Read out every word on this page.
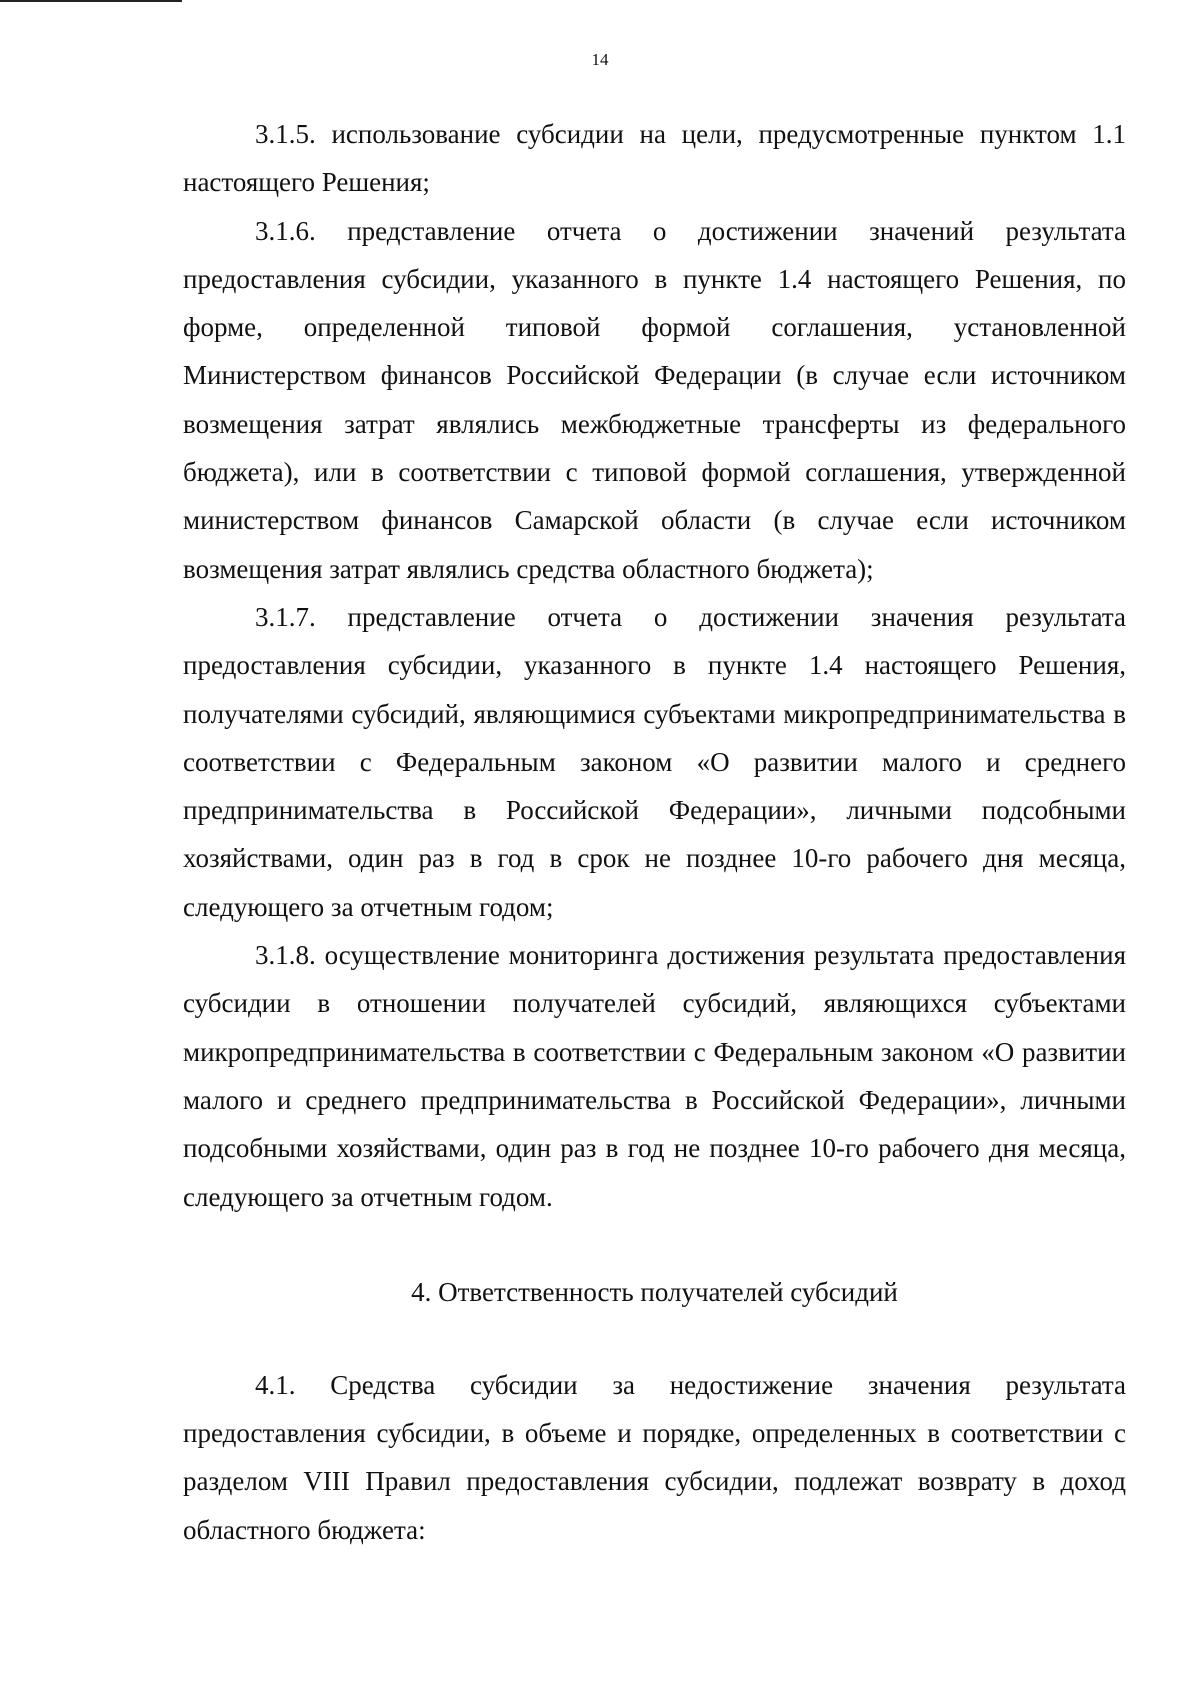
14

3.1.5. использование субсидии на цели, предусмотренные пунктом 1.1 настоящего Решения;

3.1.6. представление отчета о достижении значений результата предоставления субсидии, указанного в пункте 1.4 настоящего Решения, по форме, определенной типовой формой соглашения, установленной Министерством финансов Российской Федерации (в случае если источником возмещения затрат являлись межбюджетные трансферты из федерального бюджета), или в соответствии с типовой формой соглашения, утвержденной министерством финансов Самарской области (в случае если источником возмещения затрат являлись средства областного бюджета);

3.1.7. представление отчета о достижении значения результата предоставления субсидии, указанного в пункте 1.4 настоящего Решения, получателями субсидий, являющимися субъектами микропредпринимательства в соответствии с Федеральным законом «О развитии малого и среднего предпринимательства в Российской Федерации», личными подсобными хозяйствами, один раз в год в срок не позднее 10-го рабочего дня месяца, следующего за отчетным годом;

3.1.8. осуществление мониторинга достижения результата предоставления субсидии в отношении получателей субсидий, являющихся субъектами микропредпринимательства в соответствии с Федеральным законом «О развитии малого и среднего предпринимательства в Российской Федерации», личными подсобными хозяйствами, один раз в год не позднее 10-го рабочего дня месяца, следующего за отчетным годом.

4. Ответственность получателей субсидий

4.1. Средства субсидии за недостижение значения результата предоставления субсидии, в объеме и порядке, определенных в соответствии с разделом VIII Правил предоставления субсидии, подлежат возврату в доход областного бюджета:
